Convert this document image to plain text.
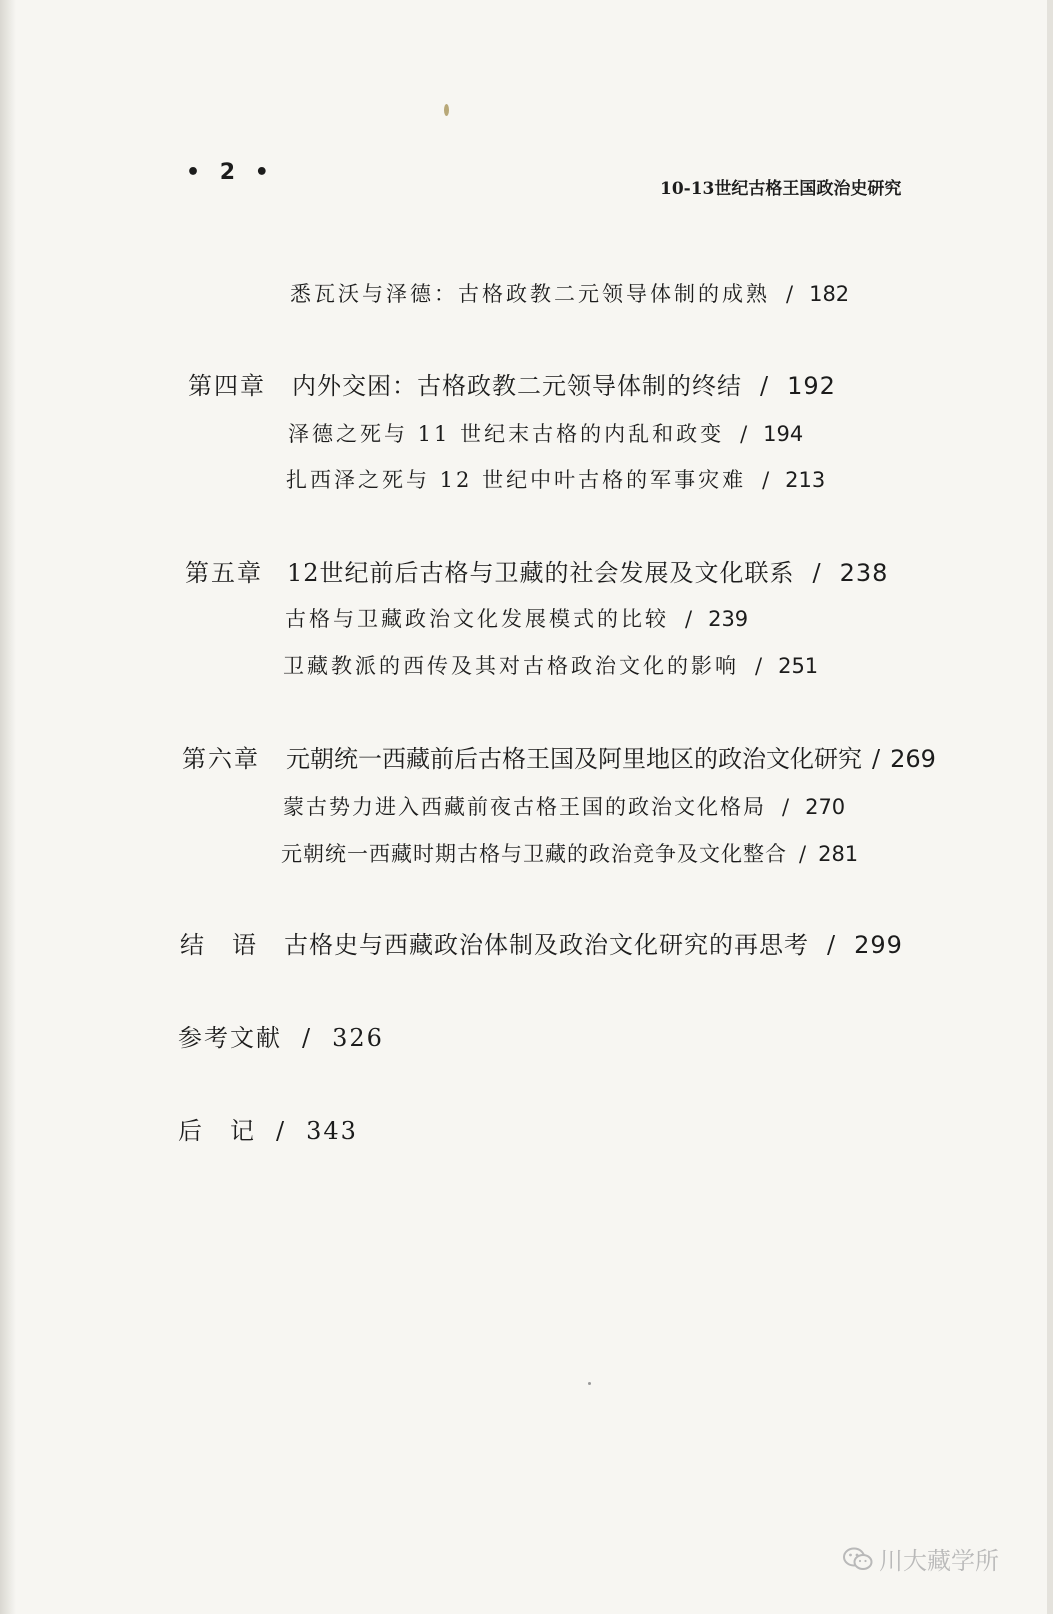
• 2 •
10-13世纪古格王国政治史研究
悉瓦沃与泽德：古格政教二元领导体制的成熟 / 182
第四章 内外交困：古格政教二元领导体制的终结 / 192
泽德之死与 11 世纪末古格的内乱和政变 / 194
扎西泽之死与 12 世纪中叶古格的军事灾难 / 213
第五章 12世纪前后古格与卫藏的社会发展及文化联系 / 238
古格与卫藏政治文化发展模式的比较 / 239
卫藏教派的西传及其对古格政治文化的影响 / 251
第六章 元朝统一西藏前后古格王国及阿里地区的政治文化研究 / 269
蒙古势力进入西藏前夜古格王国的政治文化格局 / 270
元朝统一西藏时期古格与卫藏的政治竞争及文化整合 / 281
结　语 古格史与西藏政治体制及政治文化研究的再思考 / 299
参考文献 / 326
后　记 / 343
川大藏学所
